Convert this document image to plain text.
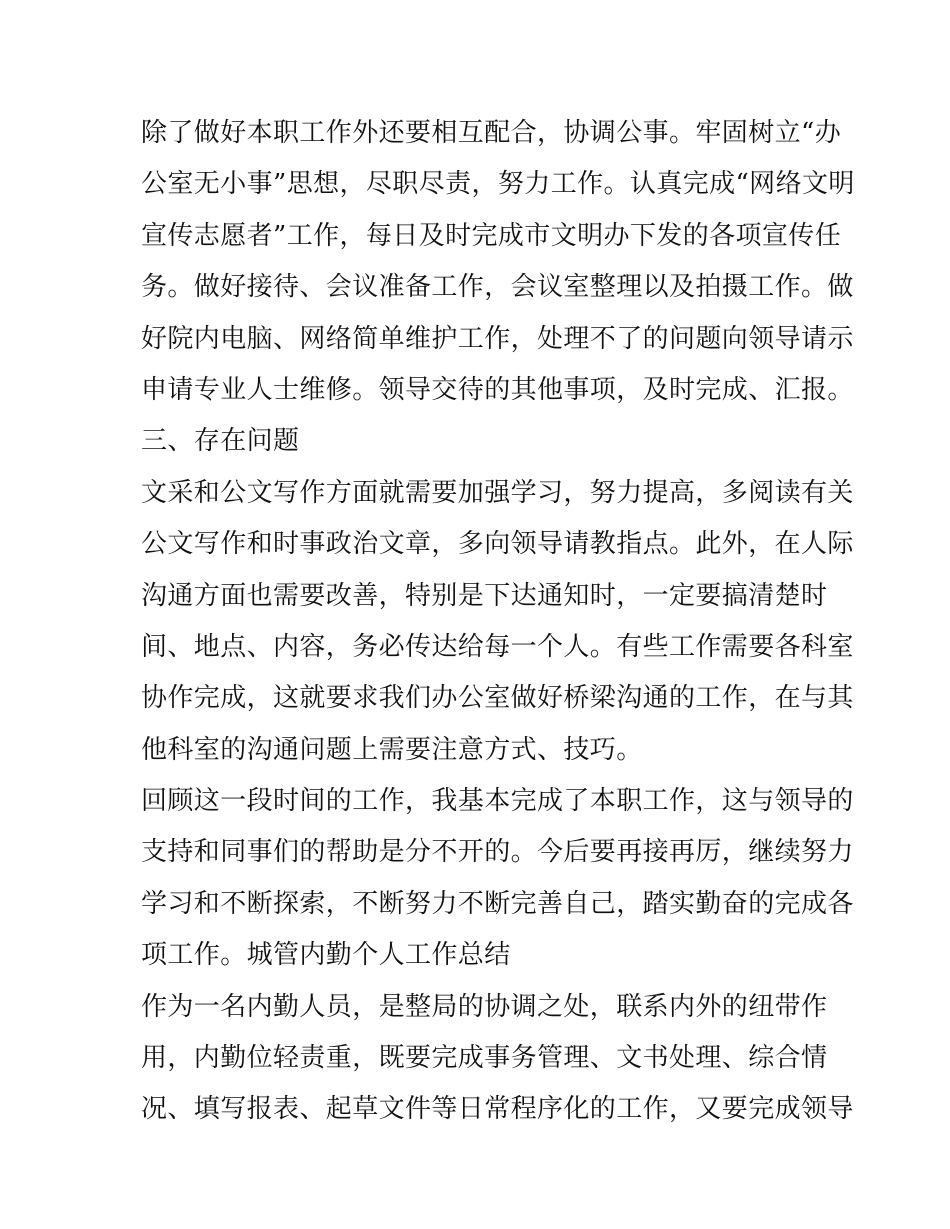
除了做好本职工作外还要相互配合，协调公事。牢固树立“办
公室无小事”思想，尽职尽责，努力工作。认真完成“网络文明
宣传志愿者”工作，每日及时完成市文明办下发的各项宣传任
务。做好接待、会议准备工作，会议室整理以及拍摄工作。做
好院内电脑、网络简单维护工作，处理不了的问题向领导请示
申请专业人士维修。领导交待的其他事项，及时完成、汇报。
三、存在问题
文采和公文写作方面就需要加强学习，努力提高，多阅读有关
公文写作和时事政治文章，多向领导请教指点。此外，在人际
沟通方面也需要改善，特别是下达通知时，一定要搞清楚时
间、地点、内容，务必传达给每一个人。有些工作需要各科室
协作完成，这就要求我们办公室做好桥梁沟通的工作，在与其
他科室的沟通问题上需要注意方式、技巧。
回顾这一段时间的工作，我基本完成了本职工作，这与领导的
支持和同事们的帮助是分不开的。今后要再接再厉，继续努力
学习和不断探索，不断努力不断完善自己，踏实勤奋的完成各
项工作。城管内勤个人工作总结
作为一名内勤人员，是整局的协调之处，联系内外的纽带作
用，内勤位轻责重，既要完成事务管理、文书处理、综合情
况、填写报表、起草文件等日常程序化的工作，又要完成领导
